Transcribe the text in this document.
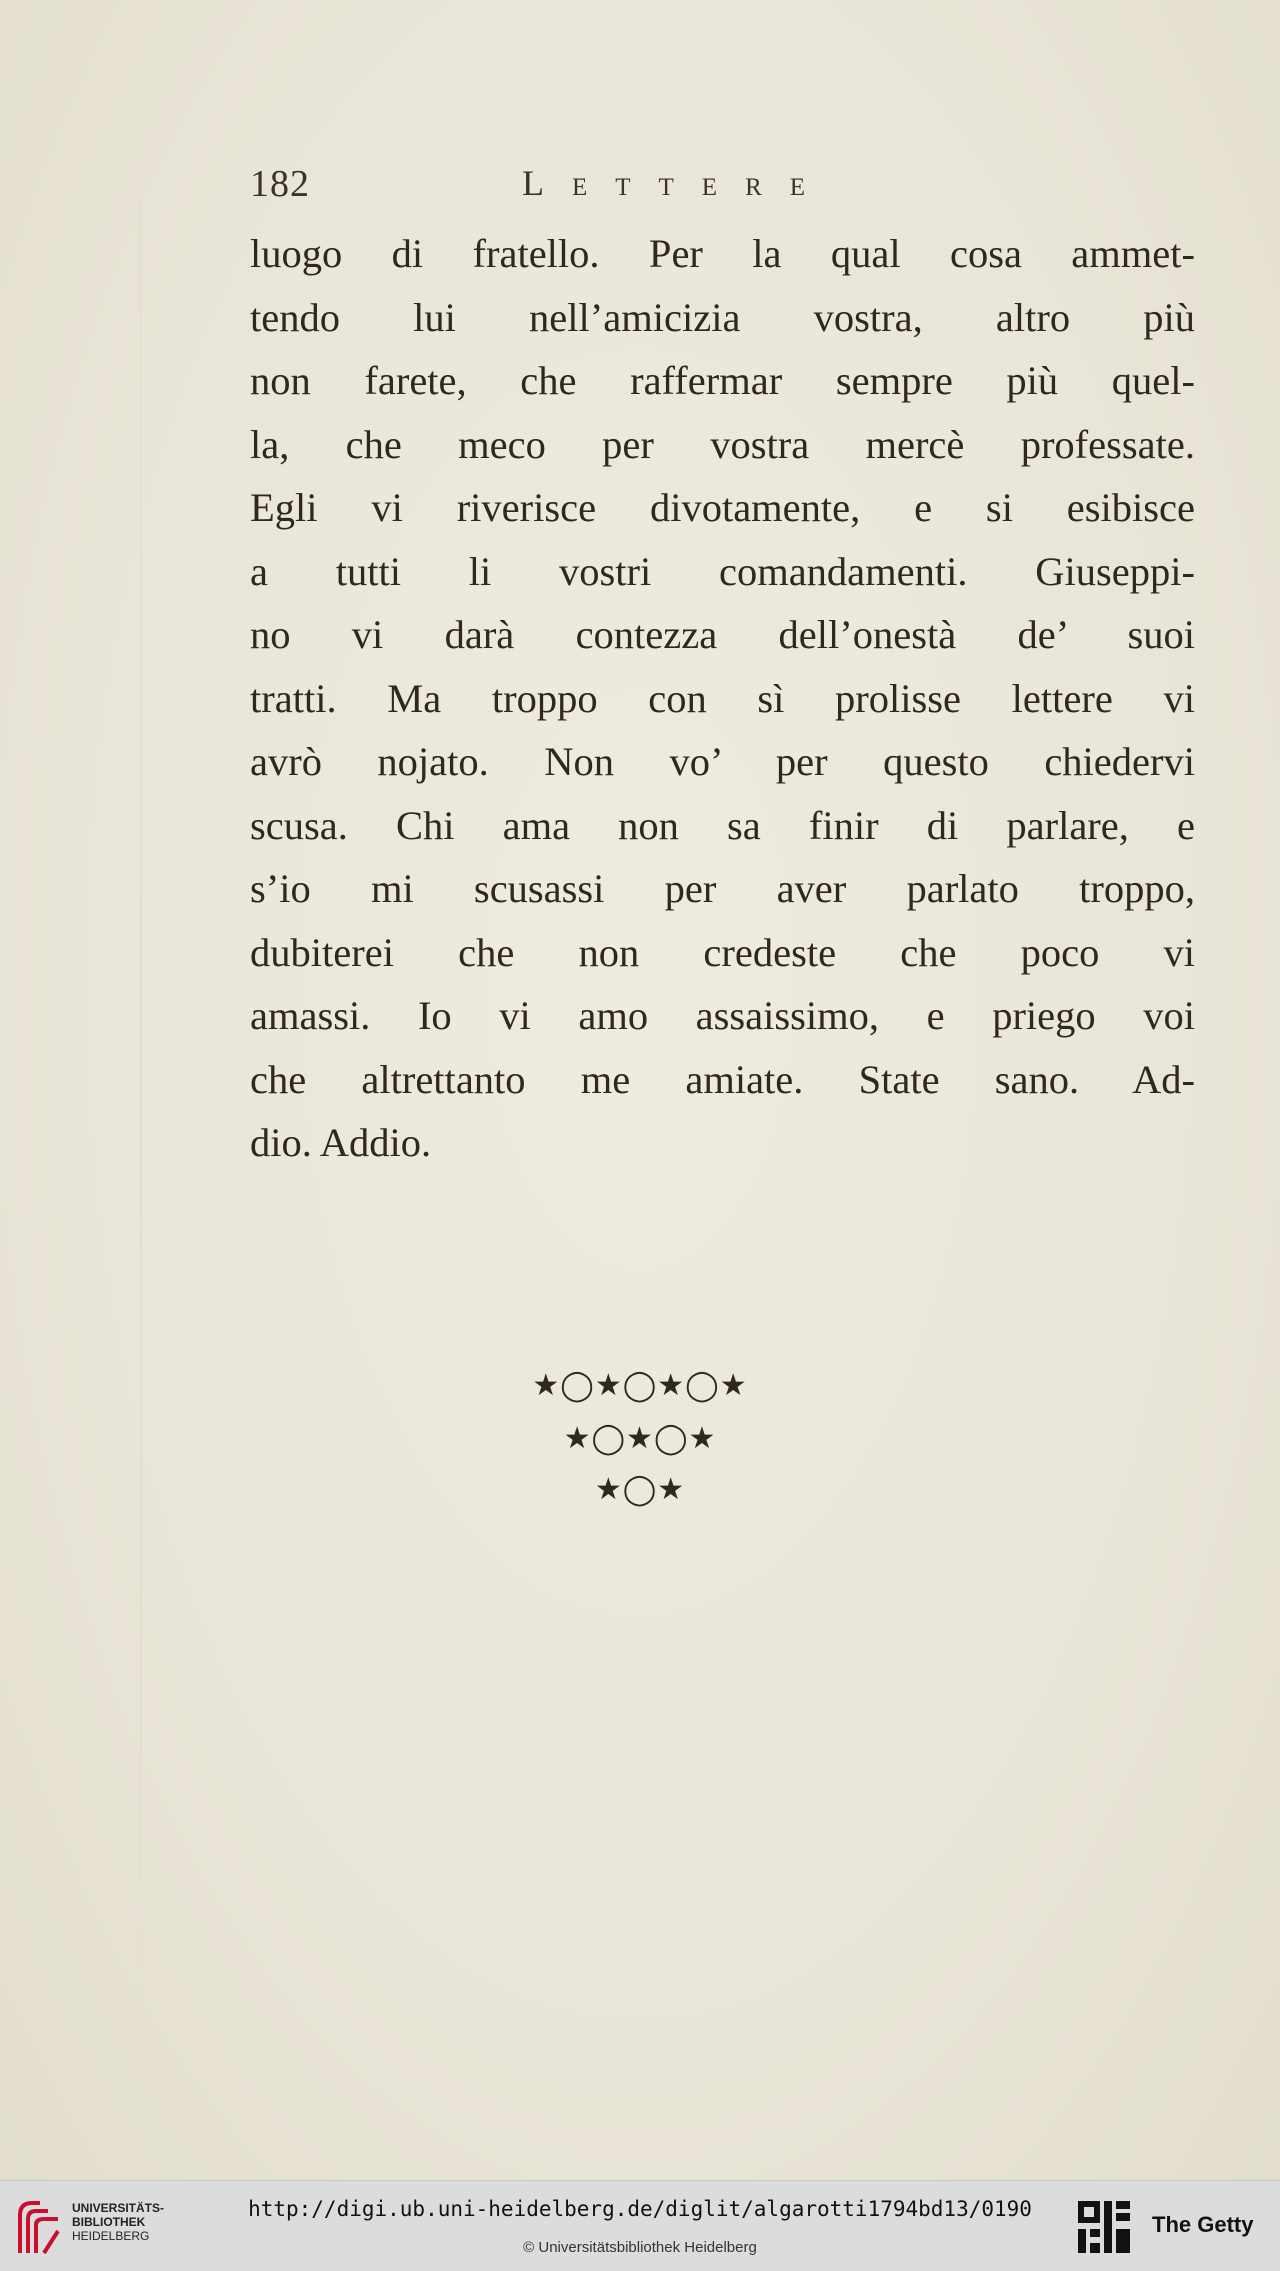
182	Lettere
luogo di fratello. Per la qual cosa ammet-
tendo lui nell’amicizia vostra, altro più
non farete, che raffermar sempre più quel-
la, che meco per vostra mercè professate.
Egli vi riverisce divotamente, e si esibisce
a tutti li vostri comandamenti. Giuseppi-
no vi darà contezza dell’onestà de’ suoi
tratti. Ma troppo con sì prolisse lettere vi
avrò nojato. Non vo’ per questo chiedervi
scusa. Chi ama non sa finir di parlare, e
s’io mi scusassi per aver parlato troppo,
dubiterei che non credeste che poco vi
amassi. Io vi amo assaissimo, e priego voi
che altrettanto me amiate. State sano. Ad-
dio. Addio.
★◯★◯★◯★
★◯★◯★
★◯★
UNIVERSITÄTS-
BIBLIOTHEK
HEIDELBERG
http://digi.ub.uni-heidelberg.de/diglit/algarotti1794bd13/0190
© Universitätsbibliothek Heidelberg
The Getty
